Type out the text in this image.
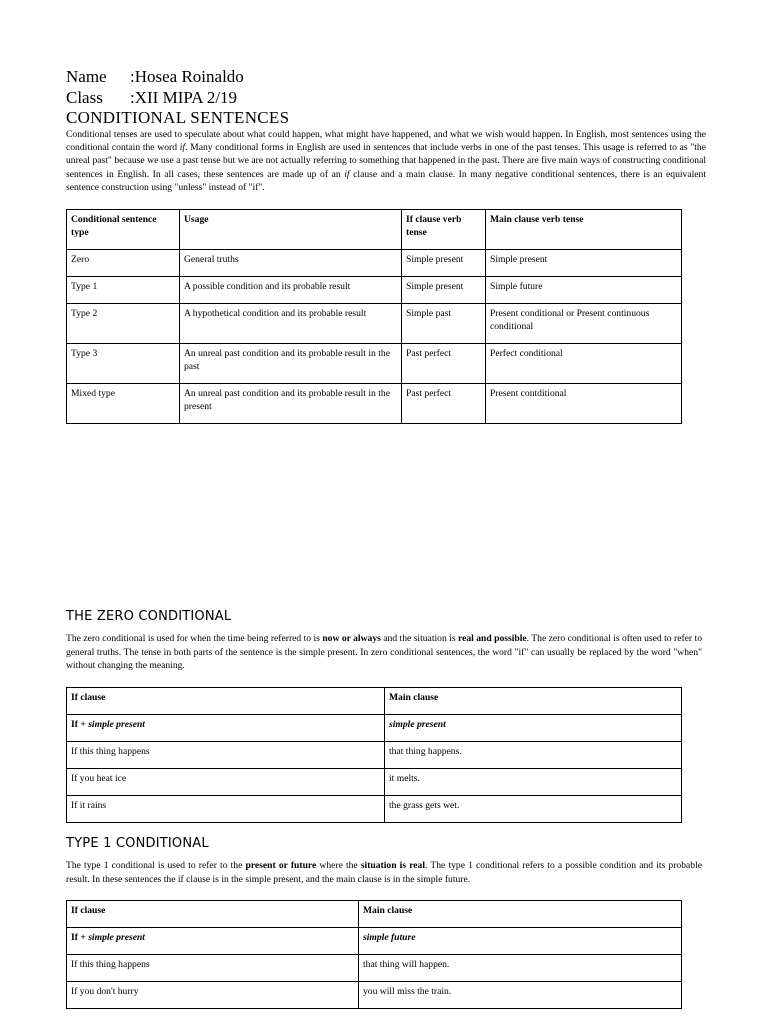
Name :Hosea Roinaldo
Class :XII MIPA 2/19
CONDITIONAL SENTENCES
Conditional tenses are used to speculate about what could happen, what might have happened, and what we wish would happen. In English, most sentences using the conditional contain the word if. Many conditional forms in English are used in sentences that include verbs in one of the past tenses. This usage is referred to as "the unreal past" because we use a past tense but we are not actually referring to something that happened in the past. There are five main ways of constructing conditional sentences in English. In all cases, these sentences are made up of an if clause and a main clause. In many negative conditional sentences, there is an equivalent sentence construction using "unless" instead of "if".
Conditional sentence type	Usage	If clause verb tense	Main clause verb tense
Zero	General truths	Simple present	Simple present
Type 1	A possible condition and its probable result	Simple present	Simple future
Type 2	A hypothetical condition and its probable result	Simple past	Present conditional or Present continuous conditional
Type 3	An unreal past condition and its probable result in the past	Past perfect	Perfect conditional
Mixed type	An unreal past condition and its probable result in the present	Past perfect	Present contditional
THE ZERO CONDITIONAL
The zero conditional is used for when the time being referred to is now or always and the situation is real and possible. The zero conditional is often used to refer to general truths. The tense in both parts of the sentence is the simple present. In zero conditional sentences, the word "if" can usually be replaced by the word "when" without changing the meaning.
If clause	Main clause
If + simple present	simple present
If this thing happens	that thing happens.
If you heat ice	it melts.
If it rains	the grass gets wet.
TYPE 1 CONDITIONAL
The type 1 conditional is used to refer to the present or future where the situation is real. The type 1 conditional refers to a possible condition and its probable result. In these sentences the if clause is in the simple present, and the main clause is in the simple future.
If clause	Main clause
If + simple present	simple future
If this thing happens	that thing will happen.
If you don't hurry	you will miss the train.
